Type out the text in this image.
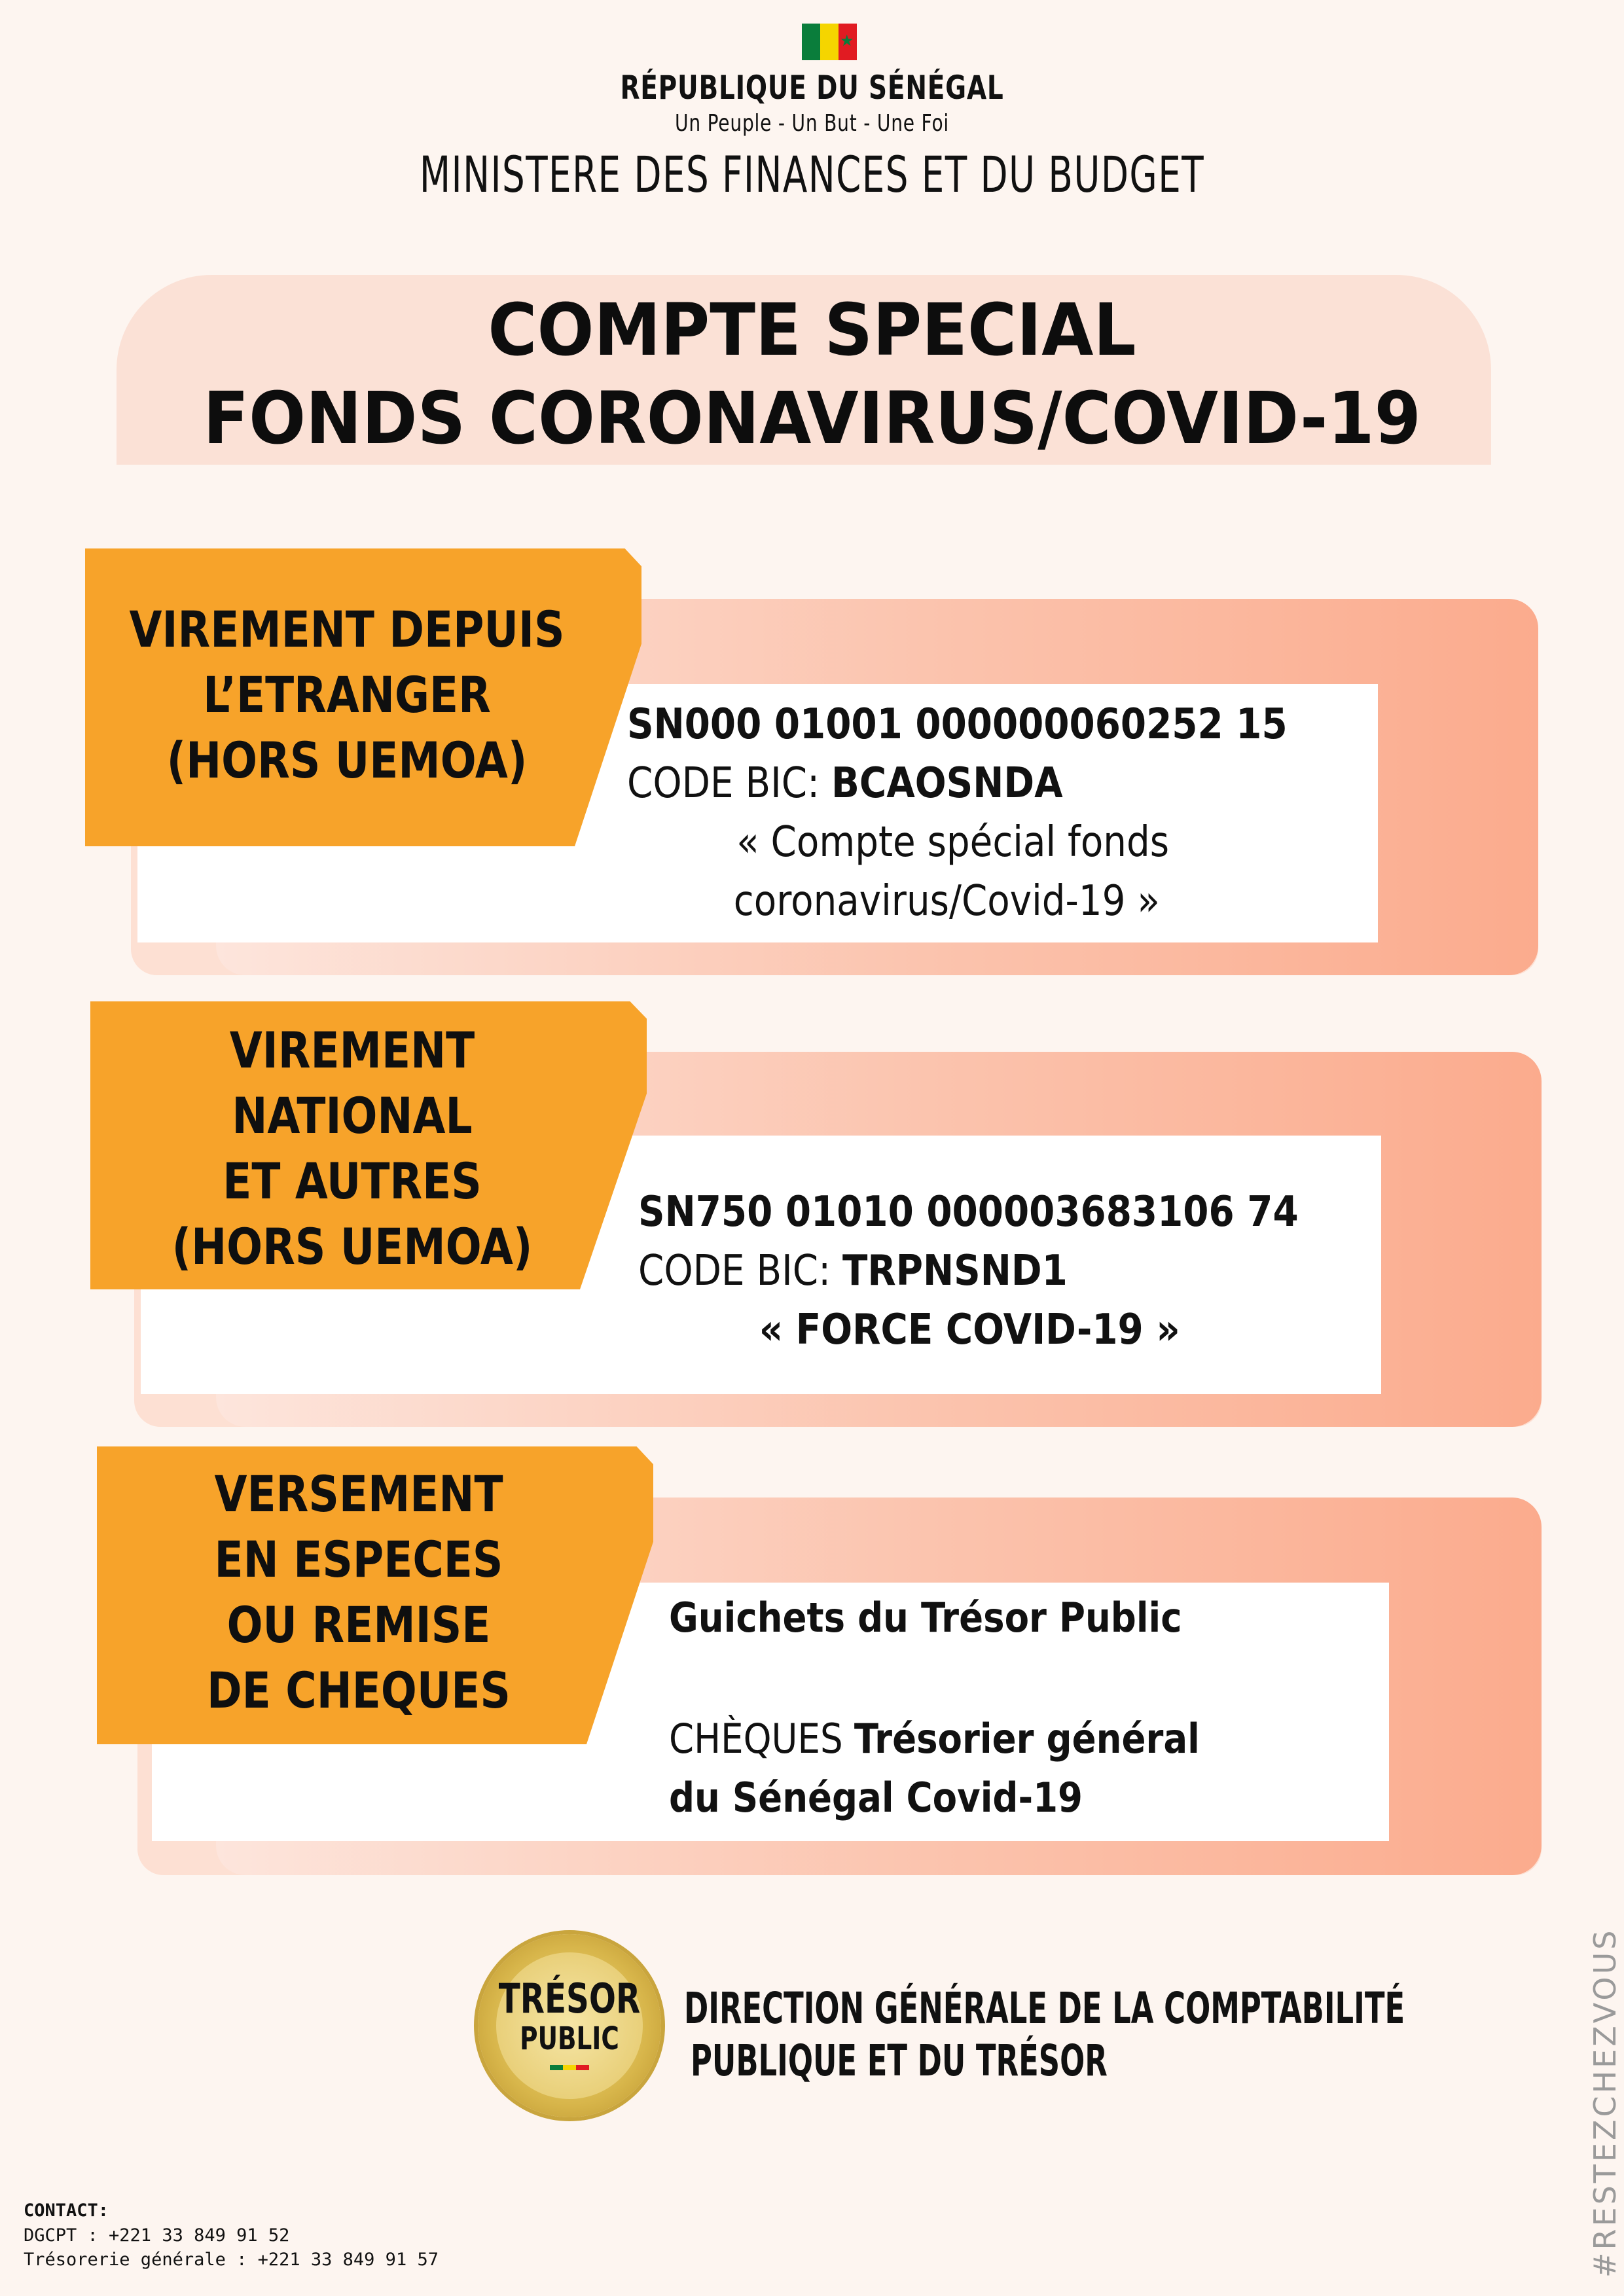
★
RÉPUBLIQUE DU SÉNÉGAL
Un Peuple - Un But - Une Foi
MINISTERE DES FINANCES ET DU BUDGET
COMPTE SPECIAL
FONDS CORONAVIRUS/COVID-19
VIREMENT DEPUIS
L’ETRANGER
(HORS UEMOA)
SN000 01001 000000060252 15
CODE BIC: BCAOSNDA
« Compte spécial fonds
coronavirus/Covid-19 »
VIREMENT
NATIONAL
ET AUTRES
(HORS UEMOA)
SN750 01010 000003683106 74
CODE BIC: TRPNSND1
« FORCE COVID-19 »
VERSEMENT
EN ESPECES
OU REMISE
DE CHEQUES
Guichets du Trésor Public
CHÈQUES Trésorier général
du Sénégal Covid-19
TRÉSOR
PUBLIC
DIRECTION GÉNÉRALE DE LA COMPTABILITÉ
PUBLIQUE ET DU TRÉSOR	#RESTEZCHEZVOUS
CONTACT:
DGCPT : +221 33 849 91 52
Trésorerie générale : +221 33 849 91 57
